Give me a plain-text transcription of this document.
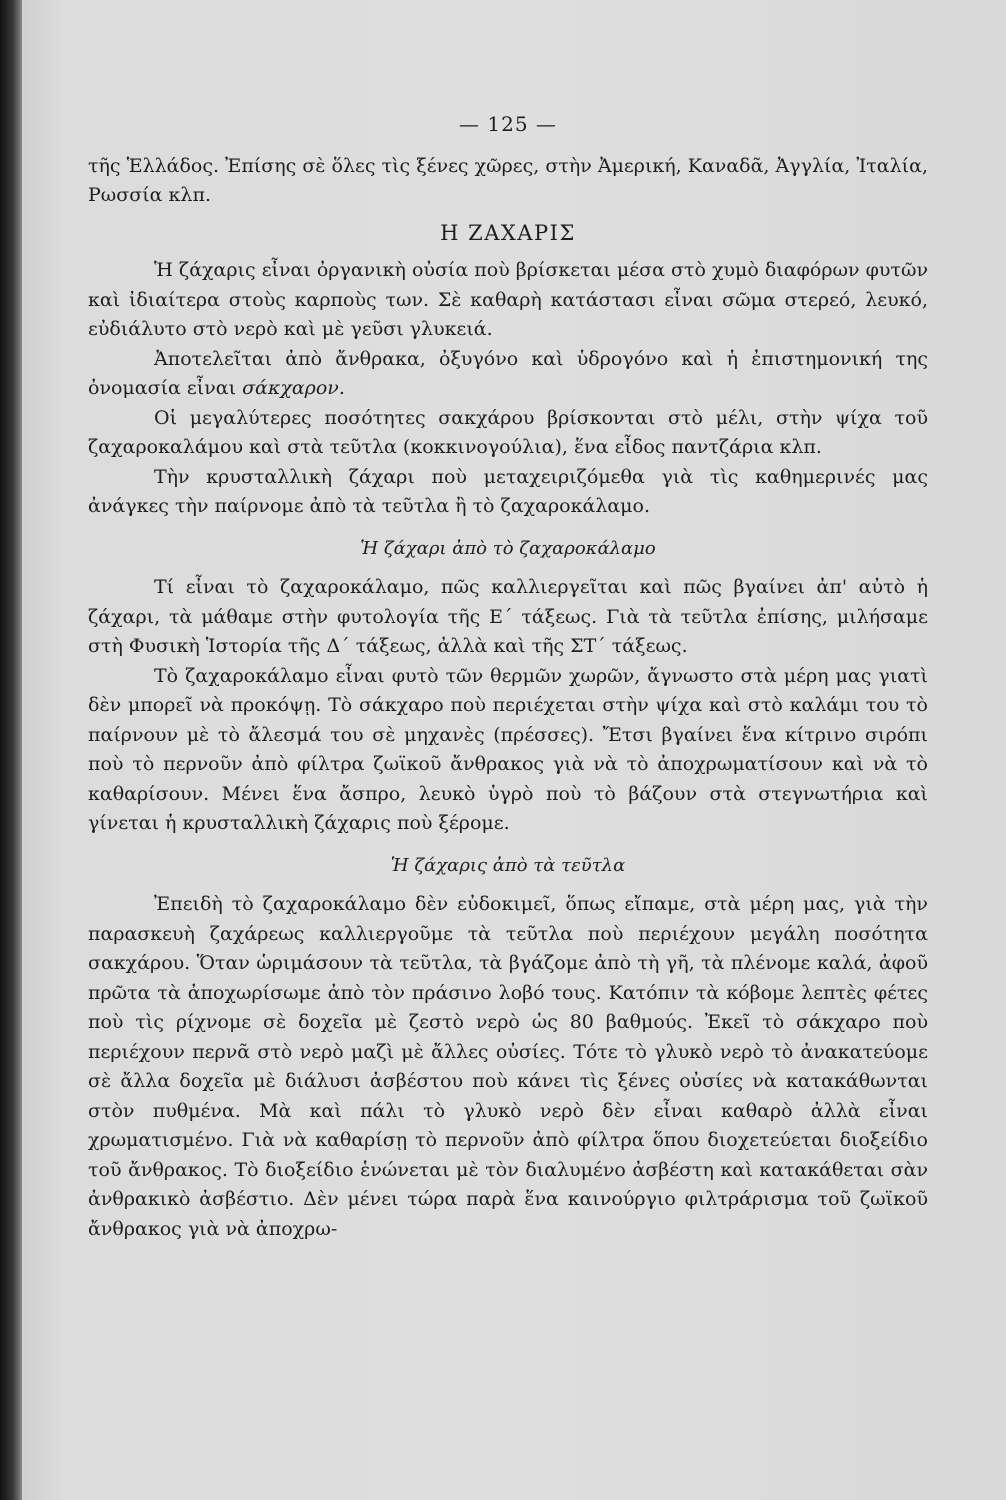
— 125 —

τῆς Ἑλλάδος. Ἐπίσης σὲ ὅλες τὶς ξένες χῶρες, στὴν Ἀμερική, Καναδᾶ, Ἀγγλία, Ἰταλία, Ρωσσία κλπ.

Η ΖΑΧΑΡΙΣ

Ἡ ζάχαρις εἶναι ὀργανικὴ οὐσία ποὺ βρίσκεται μέσα στὸ χυμὸ διαφόρων φυτῶν καὶ ἰδιαίτερα στοὺς καρποὺς των. Σὲ καθαρὴ κατάστασι εἶναι σῶμα στερεό, λευκό, εὐδιάλυτο στὸ νερὸ καὶ μὲ γεῦσι γλυκειά.

Ἀποτελεῖται ἀπὸ ἄνθρακα, ὀξυγόνο καὶ ὑδρογόνο καὶ ἡ ἐπιστημονική της ὀνομασία εἶναι σάκχαρον.

Οἱ μεγαλύτερες ποσότητες σακχάρου βρίσκονται στὸ μέλι, στὴν ψίχα τοῦ ζαχαροκαλάμου καὶ στὰ τεῦτλα (κοκκινογούλια), ἕνα εἶδος παντζάρια κλπ.

Τὴν κρυσταλλικὴ ζάχαρι ποὺ μεταχειριζόμεθα γιὰ τὶς καθημερινές μας ἀνάγκες τὴν παίρνομε ἀπὸ τὰ τεῦτλα ἢ τὸ ζαχαροκάλαμο.

Ἡ ζάχαρι ἀπὸ τὸ ζαχαροκάλαμο

Τί εἶναι τὸ ζαχαροκάλαμο, πῶς καλλιεργεῖται καὶ πῶς βγαίνει ἀπ' αὐτὸ ἡ ζάχαρι, τὰ μάθαμε στὴν φυτολογία τῆς Ε΄ τάξεως. Γιὰ τὰ τεῦτλα ἐπίσης, μιλήσαμε στὴ Φυσικὴ Ἱστορία τῆς Δ΄ τάξεως, ἀλλὰ καὶ τῆς ΣΤ΄ τάξεως.

Τὸ ζαχαροκάλαμο εἶναι φυτὸ τῶν θερμῶν χωρῶν, ἄγνωστο στὰ μέρη μας γιατὶ δὲν μπορεῖ νὰ προκόψῃ. Τὸ σάκχαρο ποὺ περιέχεται στὴν ψίχα καὶ στὸ καλάμι του τὸ παίρνουν μὲ τὸ ἄλεσμά του σὲ μηχανὲς (πρέσσες). Ἔτσι βγαίνει ἕνα κίτρινο σιρόπι ποὺ τὸ περνοῦν ἀπὸ φίλτρα ζωϊκοῦ ἄνθρακος γιὰ νὰ τὸ ἀποχρωματίσουν καὶ νὰ τὸ καθαρίσουν. Μένει ἕνα ἄσπρο, λευκὸ ὑγρὸ ποὺ τὸ βάζουν στὰ στεγνωτήρια καὶ γίνεται ἡ κρυσταλλικὴ ζάχαρις ποὺ ξέρομε.

Ἡ ζάχαρις ἀπὸ τὰ τεῦτλα

Ἐπειδὴ τὸ ζαχαροκάλαμο δὲν εὐδοκιμεῖ, ὅπως εἴπαμε, στὰ μέρη μας, γιὰ τὴν παρασκευὴ ζαχάρεως καλλιεργοῦμε τὰ τεῦτλα ποὺ περιέχουν μεγάλη ποσότητα σακχάρου. Ὅταν ὡριμάσουν τὰ τεῦτλα, τὰ βγάζομε ἀπὸ τὴ γῆ, τὰ πλένομε καλά, ἀφοῦ πρῶτα τὰ ἀποχωρίσωμε ἀπὸ τὸν πράσινο λοβό τους. Κατόπιν τὰ κόβομε λεπτὲς φέτες ποὺ τὶς ρίχνομε σὲ δοχεῖα μὲ ζεστὸ νερὸ ὡς 80 βαθμούς. Ἐκεῖ τὸ σάκχαρο ποὺ περιέχουν περνᾶ στὸ νερὸ μαζὶ μὲ ἄλλες οὐσίες. Τότε τὸ γλυκὸ νερὸ τὸ ἀνακατεύομε σὲ ἄλλα δοχεῖα μὲ διάλυσι ἀσβέστου ποὺ κάνει τὶς ξένες οὐσίες νὰ κατακάθωνται στὸν πυθμένα. Μὰ καὶ πάλι τὸ γλυκὸ νερὸ δὲν εἶναι καθαρὸ ἀλλὰ εἶναι χρωματισμένο. Γιὰ νὰ καθαρίσῃ τὸ περνοῦν ἀπὸ φίλτρα ὅπου διοχετεύεται διοξείδιο τοῦ ἄνθρακος. Τὸ διοξείδιο ἑνώνεται μὲ τὸν διαλυμένο ἀσβέστη καὶ κατακάθεται σὰν ἀνθρακικὸ ἀσβέστιο. Δὲν μένει τώρα παρὰ ἕνα καινούργιο φιλτράρισμα τοῦ ζωϊκοῦ ἄνθρακος γιὰ νὰ ἀποχρω-
